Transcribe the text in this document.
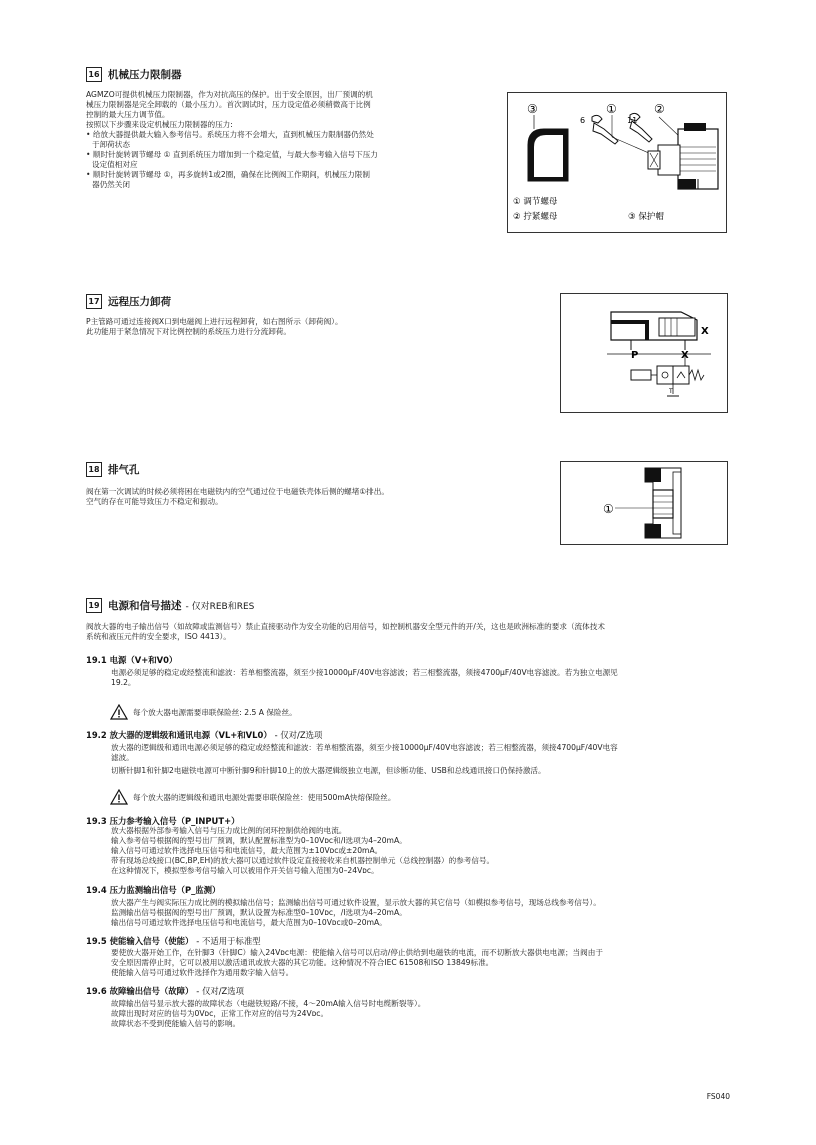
16 机械压力限制器
AGMZO可提供机械压力限制器，作为对抗高压的保护。出于安全原因，出厂预调的机
械压力限制器是完全卸载的（最小压力）。首次调试时，压力设定值必须稍微高于比例
控制的最大压力调节值。
按照以下步骤来设定机械压力限制器的压力:
• 给放大器提供最大输入参考信号。系统压力将不会增大，直到机械压力限制器仍然处
于卸荷状态
• 顺时针旋转调节螺母 ① 直到系统压力增加到一个稳定值，与最大参考输入信号下压力
设定值相对应
• 顺时针旋转调节螺母 ①，再多旋转1或2圈，确保在比例阀工作期间，机械压力限制
器仍然关闭
③	①	②
6	11
① 调节螺母
② 拧紧螺母	③ 保护帽
17 远程压力卸荷
P主管路可通过连接阀X口到电磁阀上进行远程卸荷，如右图所示（卸荷阀）。
此功能用于紧急情况下对比例控制的系统压力进行分流卸荷。	X
P	X
T
18 排气孔
阀在第一次调试的时候必须将困在电磁铁内的空气通过位于电磁铁壳体后侧的螺堵①排出。
空气的存在可能导致压力不稳定和振动。
①
19 电源和信号描述 - 仅对REB和RES
阀放大器的电子输出信号（如故障或监测信号）禁止直接驱动作为安全功能的启用信号，如控制机器安全型元件的开/关，这也是欧洲标准的要求（流体技术
系统和液压元件的安全要求，ISO 4413）。
19.1 电源（V+和V0）
电源必须足够的稳定或经整流和滤波：若单相整流器，须至少接10000μF/40V电容滤波；若三相整流器，须接4700μF/40V电容滤波。若为独立电源见
19.2。
每个放大器电源需要串联保险丝: 2.5 A 保险丝。
19.2 放大器的逻辑级和通讯电源（VL+和VL0） - 仅对/Z选项
放大器的逻辑级和通讯电源必须足够的稳定或经整流和滤波：若单相整流器，须至少接10000μF/40V电容滤波；若三相整流器，须接4700μF/40V电容
滤波。
切断针脚1和针脚2电磁铁电源可中断针脚9和针脚10上的放大器逻辑级独立电源，但诊断功能、USB和总线通讯接口仍保持激活。
每个放大器的逻辑级和通讯电源处需要串联保险丝：使用500mA快熔保险丝。
19.3 压力参考输入信号（P_INPUT+）
放大器根据外部参考输入信号与压力成比例的闭环控制供给阀的电流。
输入参考信号根据阀的型号出厂预调，默认配置标准型为0–10Vᴅᴄ和/I选项为4–20mA。
输入信号可通过软件选择电压信号和电流信号，最大范围为±10Vᴅᴄ或±20mA。
带有现场总线接口(BC,BP,EH)的放大器可以通过软件设定直接接收来自机器控制单元（总线控制器）的参考信号。
在这种情况下，模拟型参考信号输入可以被用作开关信号输入范围为0–24Vᴅᴄ。
19.4 压力监测输出信号（P_监测）
放大器产生与阀实际压力成比例的模拟输出信号；监测输出信号可通过软件设置，显示放大器的其它信号（如模拟参考信号，现场总线参考信号）。
监测输出信号根据阀的型号出厂预调，默认设置为标准型0–10Vᴅᴄ，/I选项为4–20mA。
输出信号可通过软件选择电压信号和电流信号，最大范围为0–10Vᴅᴄ或0–20mA。
19.5 使能输入信号（使能） - 不适用于标准型
要使放大器开始工作，在针脚3（针脚C）输入24Vᴅᴄ电源：使能输入信号可以启动/停止供给到电磁铁的电流，而不切断放大器供电电源；当阀由于
安全原因需停止时，它可以被用以激活通讯或放大器的其它功能。这种情况不符合IEC 61508和ISO 13849标准。
使能输入信号可通过软件选择作为通用数字输入信号。
19.6 故障输出信号（故障） - 仅对/Z选项
故障输出信号显示放大器的故障状态（电磁铁短路/不接，4～20mA输入信号时电缆断裂等）。
故障出现时对应的信号为0Vᴅᴄ，正常工作对应的信号为24Vᴅᴄ。
故障状态不受到使能输入信号的影响。
FS040
